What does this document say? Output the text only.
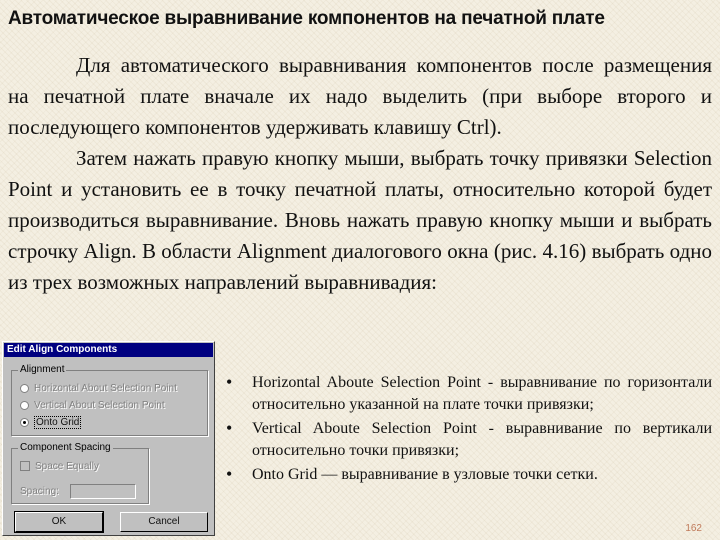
Автоматическое выравнивание компонентов на печатной плате

Для автоматического выравнивания компонентов после размещения на печатной плате вначале их надо выделить (при выборе второго и последующего компонентов удерживать клавишу Ctrl).

Затем нажать правую кнопку мыши, выбрать точку привязки Selection Point и установить ее в точку печатной платы, относительно которой будет производиться выравнивание. Вновь нажать правую кнопку мыши и выбрать строчку Align. В области Alignment диалогового окна (рис. 4.16) выбрать одно из трех возможных направлений выравнивадия:

Edit Align Components
Alignment
Horizontal About Selection Point
Vertical About Selection Point
Onto Grid
Component Spacing
Space Equally
Spacing:
OK	Cancel
• Horizontal Aboute Selection Point - выравнивание по горизонтали относительно указанной на плате точки привязки;
• Vertical Aboute Selection Point - выравнивание по вертикали относительно точки привязки;
• Onto Grid — выравнивание в узловые точки сетки.
162
